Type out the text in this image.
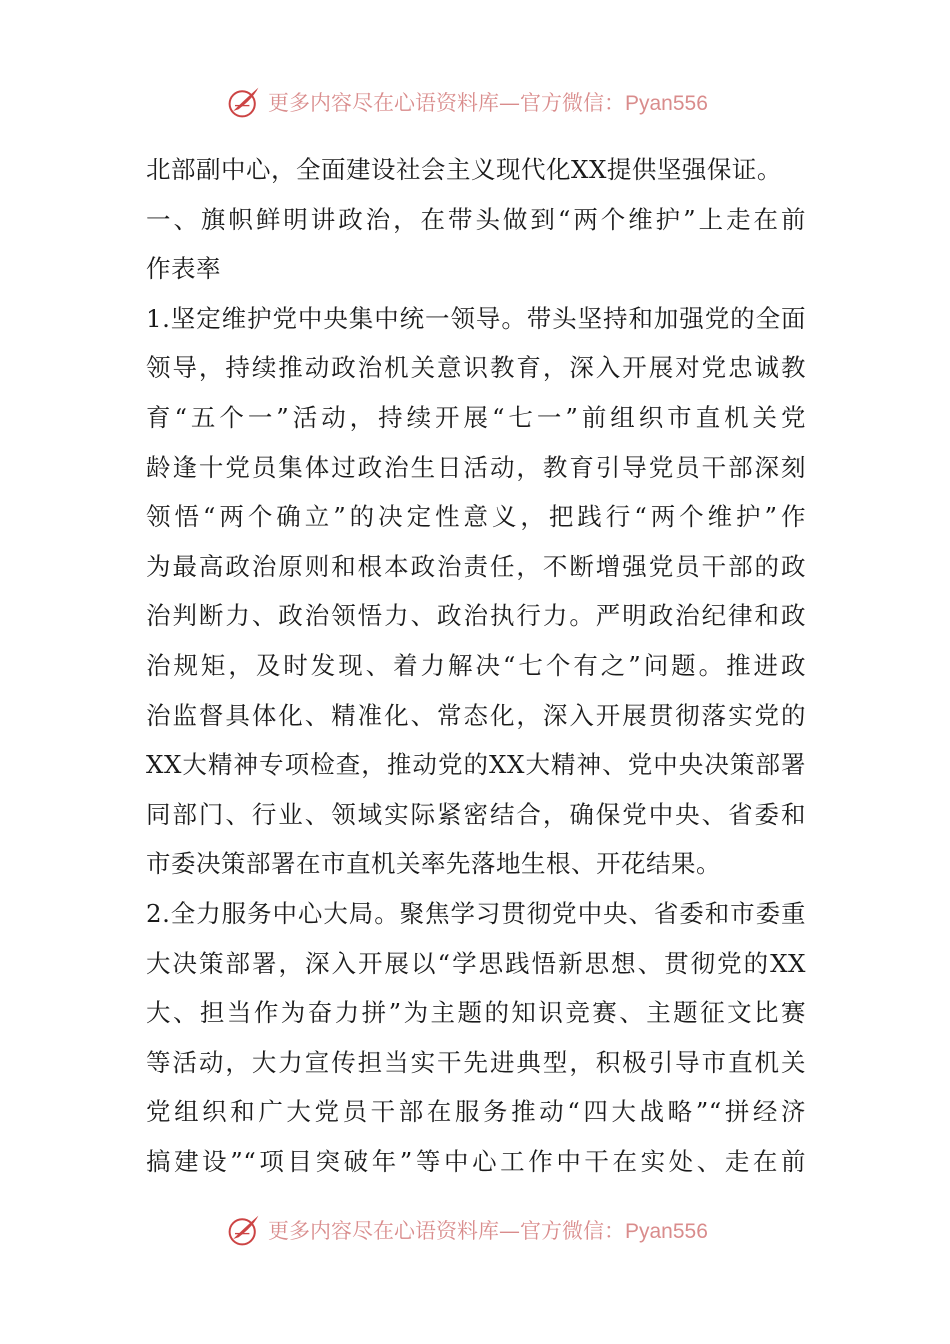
更多内容尽在心语资料库—官方微信：Pyan556
北部副中心，全面建设社会主义现代化XX提供坚强保证。
一、旗帜鲜明讲政治，在带头做到“两个维护”上走在前
作表率
1.坚定维护党中央集中统一领导。带头坚持和加强党的全面
领导，持续推动政治机关意识教育，深入开展对党忠诚教
育“五个一”活动，持续开展“七一”前组织市直机关党
龄逢十党员集体过政治生日活动，教育引导党员干部深刻
领悟“两个确立”的决定性意义，把践行“两个维护”作
为最高政治原则和根本政治责任，不断增强党员干部的政
治判断力、政治领悟力、政治执行力。严明政治纪律和政
治规矩，及时发现、着力解决“七个有之”问题。推进政
治监督具体化、精准化、常态化，深入开展贯彻落实党的
XX大精神专项检查，推动党的XX大精神、党中央决策部署
同部门、行业、领域实际紧密结合，确保党中央、省委和
市委决策部署在市直机关率先落地生根、开花结果。
2.全力服务中心大局。聚焦学习贯彻党中央、省委和市委重
大决策部署，深入开展以“学思践悟新思想、贯彻党的XX
大、担当作为奋力拼”为主题的知识竞赛、主题征文比赛
等活动，大力宣传担当实干先进典型，积极引导市直机关
党组织和广大党员干部在服务推动“四大战略”“拼经济
搞建设”“项目突破年”等中心工作中干在实处、走在前
更多内容尽在心语资料库—官方微信：Pyan556
